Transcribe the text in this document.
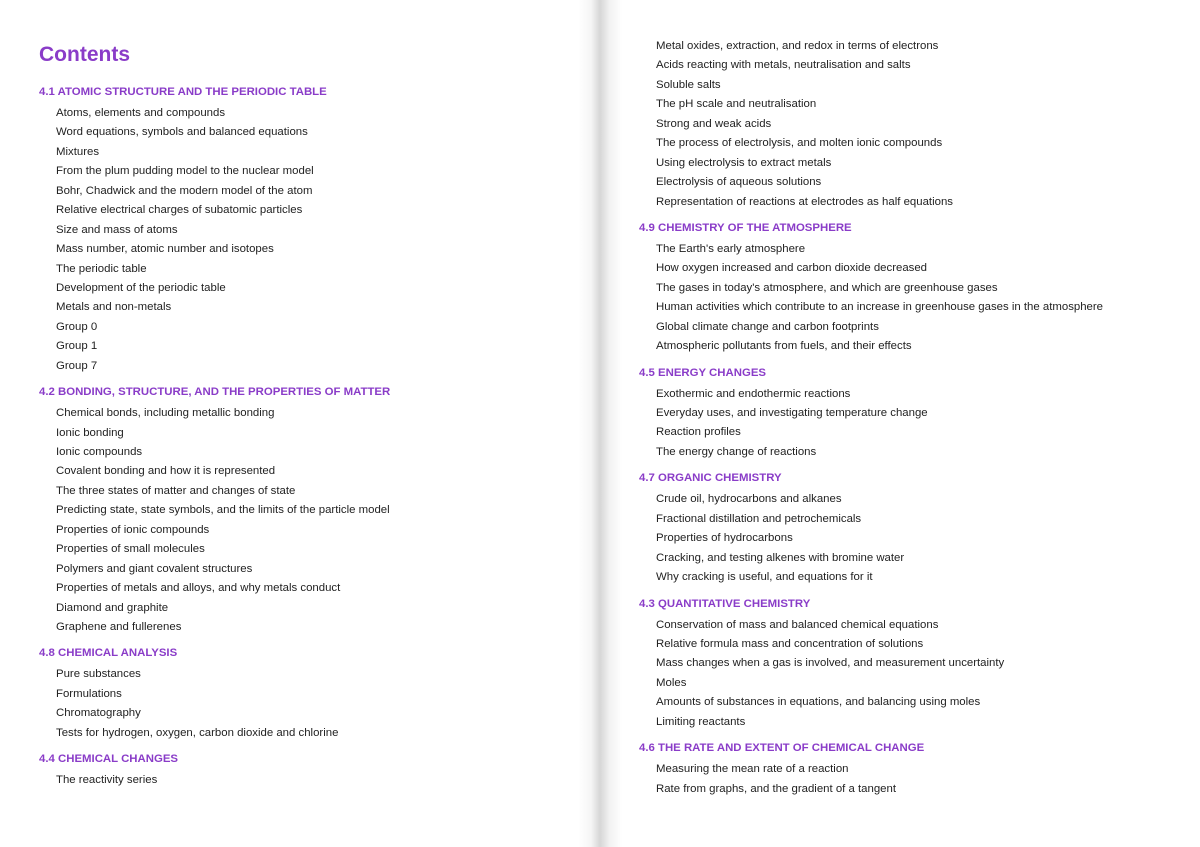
Contents
4.1 ATOMIC STRUCTURE AND THE PERIODIC TABLE
Atoms, elements and compounds
Word equations, symbols and balanced equations
Mixtures
From the plum pudding model to the nuclear model
Bohr, Chadwick and the modern model of the atom
Relative electrical charges of subatomic particles
Size and mass of atoms
Mass number, atomic number and isotopes
The periodic table
Development of the periodic table
Metals and non-metals
Group 0
Group 1
Group 7
4.2 BONDING, STRUCTURE, AND THE PROPERTIES OF MATTER
Chemical bonds, including metallic bonding
Ionic bonding
Ionic compounds
Covalent bonding and how it is represented
The three states of matter and changes of state
Predicting state, state symbols, and the limits of the particle model
Properties of ionic compounds
Properties of small molecules
Polymers and giant covalent structures
Properties of metals and alloys, and why metals conduct
Diamond and graphite
Graphene and fullerenes
4.8 CHEMICAL ANALYSIS
Pure substances
Formulations
Chromatography
Tests for hydrogen, oxygen, carbon dioxide and chlorine
4.4 CHEMICAL CHANGES
The reactivity series
Metal oxides, extraction, and redox in terms of electrons
Acids reacting with metals, neutralisation and salts
Soluble salts
The pH scale and neutralisation
Strong and weak acids
The process of electrolysis, and molten ionic compounds
Using electrolysis to extract metals
Electrolysis of aqueous solutions
Representation of reactions at electrodes as half equations
4.9 CHEMISTRY OF THE ATMOSPHERE
The Earth's early atmosphere
How oxygen increased and carbon dioxide decreased
The gases in today's atmosphere, and which are greenhouse gases
Human activities which contribute to an increase in greenhouse gases in the atmosphere
Global climate change and carbon footprints
Atmospheric pollutants from fuels, and their effects
4.5 ENERGY CHANGES
Exothermic and endothermic reactions
Everyday uses, and investigating temperature change
Reaction profiles
The energy change of reactions
4.7 ORGANIC CHEMISTRY
Crude oil, hydrocarbons and alkanes
Fractional distillation and petrochemicals
Properties of hydrocarbons
Cracking, and testing alkenes with bromine water
Why cracking is useful, and equations for it
4.3 QUANTITATIVE CHEMISTRY
Conservation of mass and balanced chemical equations
Relative formula mass and concentration of solutions
Mass changes when a gas is involved, and measurement uncertainty
Moles
Amounts of substances in equations, and balancing using moles
Limiting reactants
4.6 THE RATE AND EXTENT OF CHEMICAL CHANGE
Measuring the mean rate of a reaction
Rate from graphs, and the gradient of a tangent
